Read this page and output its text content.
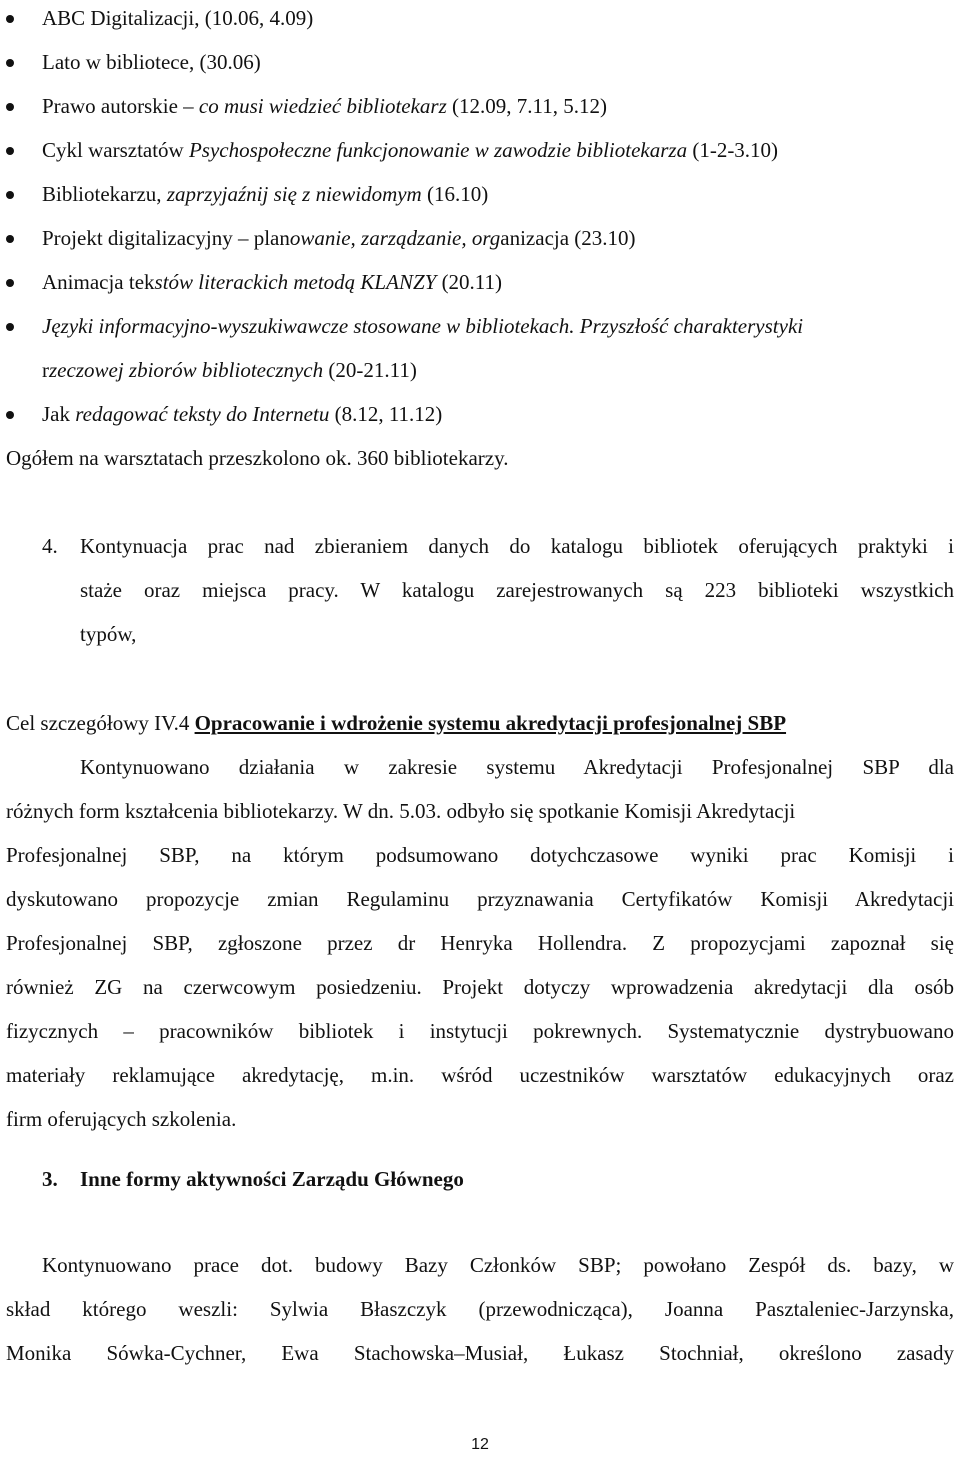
ABC Digitalizacji, (10.06, 4.09)
Lato w bibliotece, (30.06)
Prawo autorskie – co musi wiedzieć bibliotekarz (12.09, 7.11, 5.12)
Cykl warsztatów Psychospołeczne funkcjonowanie w zawodzie bibliotekarza (1-2-3.10)
Bibliotekarzu, zaprzyjaźnij się z niewidomym (16.10)
Projekt digitalizacyjny – planowanie, zarządzanie, organizacja (23.10)
Animacja tekstów literackich metodą KLANZY (20.11)
Języki informacyjno-wyszukiwawcze stosowane w bibliotekach. Przyszłość charakterystyki
rzeczowej zbiorów bibliotecznych (20-21.11)
Jak redagować teksty do Internetu (8.12, 11.12)
Ogółem na warsztatach przeszkolono ok. 360 bibliotekarzy.
4. Kontynuacja prac nad zbieraniem danych do katalogu bibliotek oferujących praktyki i
staże oraz miejsca pracy. W katalogu zarejestrowanych są 223 biblioteki wszystkich
typów,
Cel szczegółowy IV.4 Opracowanie i wdrożenie systemu akredytacji profesjonalnej SBP
Kontynuowano działania w zakresie systemu Akredytacji Profesjonalnej SBP dla
różnych form kształcenia bibliotekarzy. W dn. 5.03. odbyło się spotkanie Komisji Akredytacji
Profesjonalnej SBP, na którym podsumowano dotychczasowe wyniki prac Komisji i
dyskutowano propozycje zmian Regulaminu przyznawania Certyfikatów Komisji Akredytacji
Profesjonalnej SBP, zgłoszone przez dr Henryka Hollendra. Z propozycjami zapoznał się
również ZG na czerwcowym posiedzeniu. Projekt dotyczy wprowadzenia akredytacji dla osób
fizycznych – pracowników bibliotek i instytucji pokrewnych. Systematycznie dystrybuowano
materiały reklamujące akredytację, m.in. wśród uczestników warsztatów edukacyjnych oraz
firm oferujących szkolenia.
3. Inne formy aktywności Zarządu Głównego
Kontynuowano prace dot. budowy Bazy Członków SBP; powołano Zespół ds. bazy, w
skład którego weszli: Sylwia Błaszczyk (przewodnicząca), Joanna Pasztaleniec-Jarzynska,
Monika Sówka-Cychner, Ewa Stachowska–Musiał, Łukasz Stochniał, określono zasady
12
